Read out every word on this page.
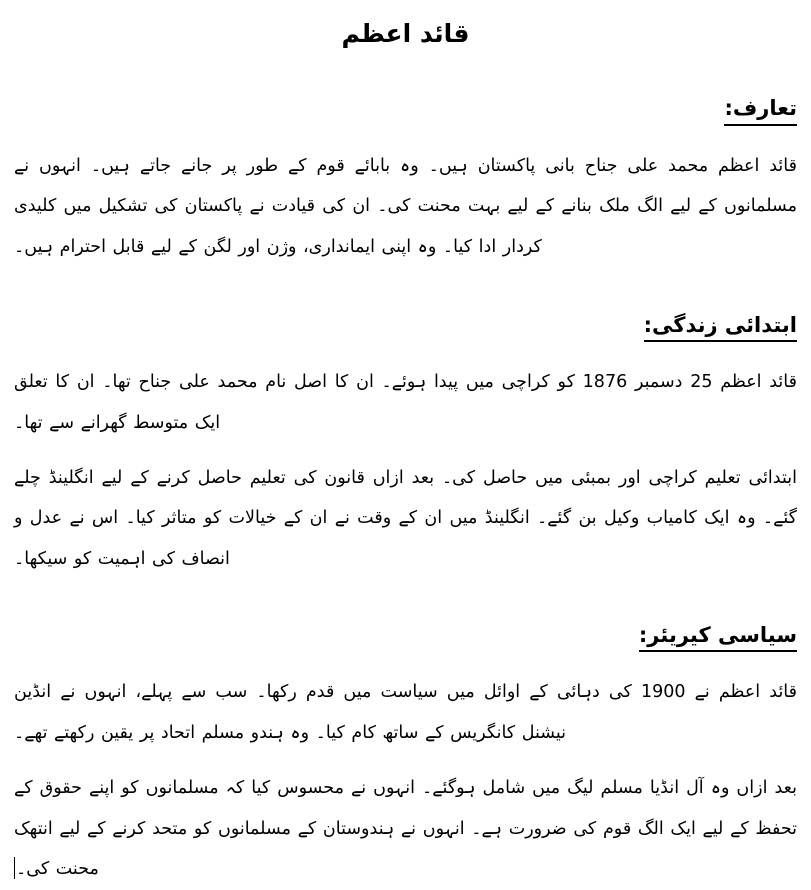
قائد اعظم
تعارف:

قائد اعظم محمد علی جناح بانی پاکستان ہیں۔ وہ بابائے قوم کے طور پر جانے جاتے ہیں۔ انہوں نے مسلمانوں کے لیے الگ ملک بنانے کے لیے بہت محنت کی۔ ان کی قیادت نے پاکستان کی تشکیل میں کلیدی کردار ادا کیا۔ وہ اپنی ایمانداری، وژن اور لگن کے لیے قابل احترام ہیں۔

ابتدائی زندگی:

قائد اعظم 25 دسمبر 1876 کو کراچی میں پیدا ہوئے۔ ان کا اصل نام محمد علی جناح تھا۔ ان کا تعلق ایک متوسط گھرانے سے تھا۔

ابتدائی تعلیم کراچی اور بمبئی میں حاصل کی۔ بعد ازاں قانون کی تعلیم حاصل کرنے کے لیے انگلینڈ چلے گئے۔ وہ ایک کامیاب وکیل بن گئے۔ انگلینڈ میں ان کے وقت نے ان کے خیالات کو متاثر کیا۔ اس نے عدل و انصاف کی اہمیت کو سیکھا۔

سیاسی کیریئر:

قائد اعظم نے 1900 کی دہائی کے اوائل میں سیاست میں قدم رکھا۔ سب سے پہلے، انہوں نے انڈین نیشنل کانگریس کے ساتھ کام کیا۔ وہ ہندو مسلم اتحاد پر یقین رکھتے تھے۔

بعد ازاں وہ آل انڈیا مسلم لیگ میں شامل ہوگئے۔ انہوں نے محسوس کیا کہ مسلمانوں کو اپنے حقوق کے تحفظ کے لیے ایک الگ قوم کی ضرورت ہے۔ انہوں نے ہندوستان کے مسلمانوں کو متحد کرنے کے لیے انتھک محنت کی۔
